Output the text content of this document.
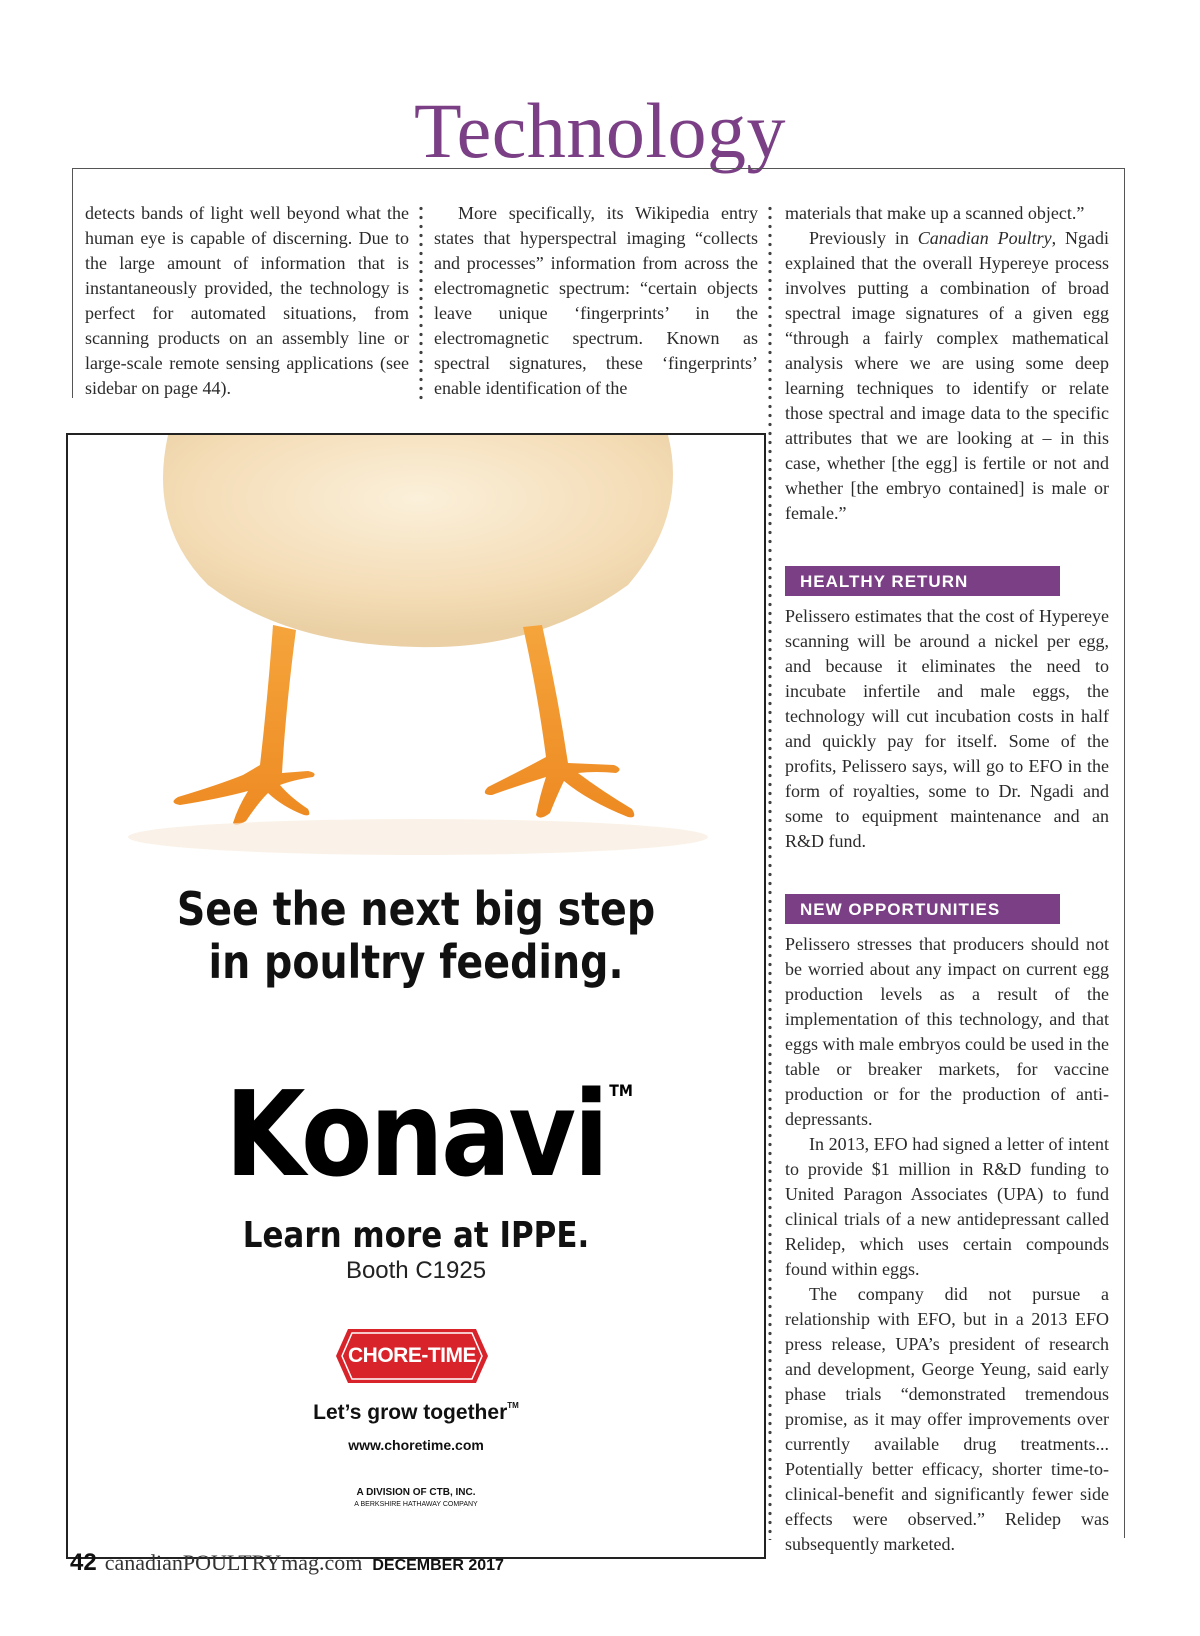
Technology

detects bands of light well beyond what the human eye is capable of discerning. Due to the large amount of information that is instantaneously provided, the technology is perfect for automated situations, from scanning products on an assembly line or large-scale remote sensing applications (see sidebar on page 44).

More specifically, its Wikipedia entry states that hyperspectral imaging “collects and processes” information from across the electromagnetic spectrum: “certain objects leave unique ‘fingerprints’ in the electromagnetic spectrum. Known as spectral signatures, these ‘fingerprints’ enable identification of the

materials that make up a scanned object.”

Previously in Canadian Poultry, Ngadi explained that the overall Hypereye process involves putting a combination of broad spectral image signatures of a given egg “through a fairly complex mathematical analysis where we are using some deep learning techniques to identify or relate those spectral and image data to the specific attributes that we are looking at – in this case, whether [the egg] is fertile or not and whether [the embryo contained] is male or female.”

HEALTHY RETURN

Pelissero estimates that the cost of Hypereye scanning will be around a nickel per egg, and because it eliminates the need to incubate infertile and male eggs, the technology will cut incubation costs in half and quickly pay for itself. Some of the profits, Pelissero says, will go to EFO in the form of royalties, some to Dr. Ngadi and some to equipment maintenance and an R&D fund.

NEW OPPORTUNITIES

Pelissero stresses that producers should not be worried about any impact on current egg production levels as a result of the implementation of this technology, and that eggs with male embryos could be used in the table or breaker markets, for vaccine production or for the production of anti-depressants.

In 2013, EFO had signed a letter of intent to provide $1 million in R&D funding to United Paragon Associates (UPA) to fund clinical trials of a new antidepressant called Relidep, which uses certain compounds found within eggs.

The company did not pursue a relationship with EFO, but in a 2013 EFO press release, UPA’s president of research and development, George Yeung, said early phase trials “demonstrated tremendous promise, as it may offer improvements over currently available drug treatments... Potentially better efficacy, shorter time-to-clinical-benefit and significantly fewer side effects were observed.” Relidep was subsequently marketed.

See the next big step
in poultry feeding.
Konavi TM
Learn more at IPPE.
Booth C1925
CHORE-TIME
Let’s grow together™
www.choretime.com
A DIVISION OF CTB, INC.
A BERKSHIRE HATHAWAY COMPANY
42 canadianPOULTRYmag.com DECEMBER 2017
